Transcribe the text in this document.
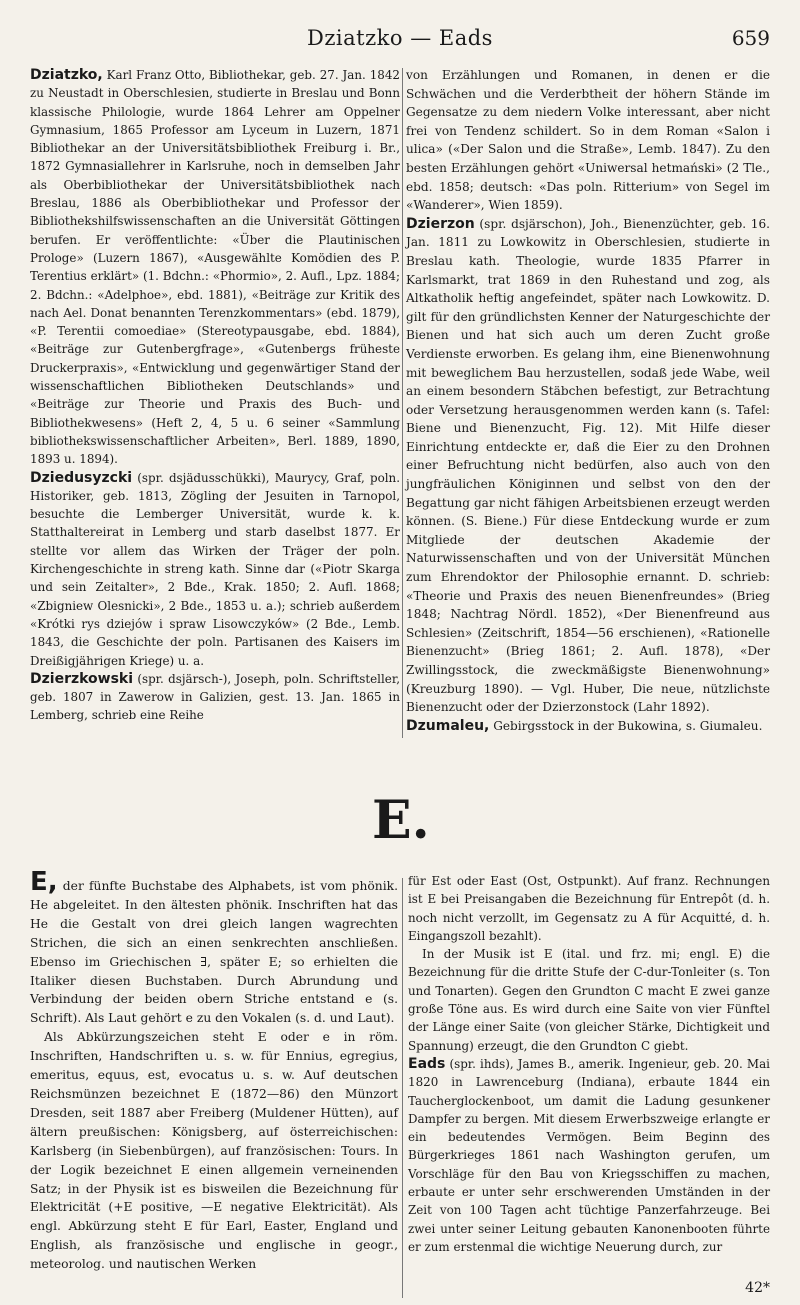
Dziatzko — Eads	659

Dziatzko, Karl Franz Otto, Bibliothekar, geb. 27. Jan. 1842 zu Neustadt in Oberschlesien, studierte in Breslau und Bonn klassische Philologie, wurde 1864 Lehrer am Oppelner Gymnasium, 1865 Professor am Lyceum in Luzern, 1871 Bibliothekar an der Universitätsbibliothek Freiburg i. Br., 1872 Gymnasiallehrer in Karlsruhe, noch in demselben Jahr als Oberbibliothekar der Universitätsbibliothek nach Breslau, 1886 als Oberbibliothekar und Professor der Bibliothekshilfswissenschaften an die Universität Göttingen berufen. Er veröffentlichte: «Über die Plautinischen Prologe» (Luzern 1867), «Ausgewählte Komödien des P. Terentius erklärt» (1. Bdchn.: «Phormio», 2. Aufl., Lpz. 1884; 2. Bdchn.: «Adelphoe», ebd. 1881), «Beiträge zur Kritik des nach Ael. Donat benannten Terenzkommentars» (ebd. 1879), «P. Terentii comoediae» (Stereotypausgabe, ebd. 1884), «Beiträge zur Gutenbergfrage», «Gutenbergs früheste Druckerpraxis», «Entwicklung und gegenwärtiger Stand der wissenschaftlichen Bibliotheken Deutschlands» und «Beiträge zur Theorie und Praxis des Buch- und Bibliothekwesens» (Heft 2, 4, 5 u. 6 seiner «Sammlung bibliothekswissenschaftlicher Arbeiten», Berl. 1889, 1890, 1893 u. 1894).

Dziedusyzcki (spr. dsjädusschükki), Maurycy, Graf, poln. Historiker, geb. 1813, Zögling der Jesuiten in Tarnopol, besuchte die Lemberger Universität, wurde k. k. Statthaltereirat in Lemberg und starb daselbst 1877. Er stellte vor allem das Wirken der Träger der poln. Kirchengeschichte in streng kath. Sinne dar («Piotr Skarga und sein Zeitalter», 2 Bde., Krak. 1850; 2. Aufl. 1868; «Zbigniew Olesnicki», 2 Bde., 1853 u. a.); schrieb außerdem «Krótki rys dziejów i spraw Lisowczyków» (2 Bde., Lemb. 1843, die Geschichte der poln. Partisanen des Kaisers im Dreißigjährigen Kriege) u. a.

Dzierzkowski (spr. dsjärsch-), Joseph, poln. Schriftsteller, geb. 1807 in Zawerow in Galizien, gest. 13. Jan. 1865 in Lemberg, schrieb eine Reihe

von Erzählungen und Romanen, in denen er die Schwächen und die Verderbtheit der höhern Stände im Gegensatze zu dem niedern Volke interessant, aber nicht frei von Tendenz schildert. So in dem Roman «Salon i ulica» («Der Salon und die Straße», Lemb. 1847). Zu den besten Erzählungen gehört «Uniwersal hetmański» (2 Tle., ebd. 1858; deutsch: «Das poln. Ritterium» von Segel im «Wanderer», Wien 1859).

Dzierzon (spr. dsjärschon), Joh., Bienenzüchter, geb. 16. Jan. 1811 zu Lowkowitz in Oberschlesien, studierte in Breslau kath. Theologie, wurde 1835 Pfarrer in Karlsmarkt, trat 1869 in den Ruhestand und zog, als Altkatholik heftig angefeindet, später nach Lowkowitz. D. gilt für den gründlichsten Kenner der Naturgeschichte der Bienen und hat sich auch um deren Zucht große Verdienste erworben. Es gelang ihm, eine Bienenwohnung mit beweglichem Bau herzustellen, sodaß jede Wabe, weil an einem besondern Stäbchen befestigt, zur Betrachtung oder Versetzung herausgenommen werden kann (s. Tafel: Biene und Bienenzucht, Fig. 12). Mit Hilfe dieser Einrichtung entdeckte er, daß die Eier zu den Drohnen einer Befruchtung nicht bedürfen, also auch von den jungfräulichen Königinnen und selbst von den der Begattung gar nicht fähigen Arbeitsbienen erzeugt werden können. (S. Biene.) Für diese Entdeckung wurde er zum Mitgliede der deutschen Akademie der Naturwissenschaften und von der Universität München zum Ehrendoktor der Philosophie ernannt. D. schrieb: «Theorie und Praxis des neuen Bienenfreundes» (Brieg 1848; Nachtrag Nördl. 1852), «Der Bienenfreund aus Schlesien» (Zeitschrift, 1854—56 erschienen), «Rationelle Bienenzucht» (Brieg 1861; 2. Aufl. 1878), «Der Zwillingsstock, die zweckmäßigste Bienenwohnung» (Kreuzburg 1890). — Vgl. Huber, Die neue, nützlichste Bienenzucht oder der Dzierzonstock (Lahr 1892).

Dzumaleu, Gebirgsstock in der Bukowina, s. Giumaleu.

E.

E, der fünfte Buchstabe des Alphabets, ist vom phönik. He abgeleitet. In den ältesten phönik. Inschriften hat das He die Gestalt von drei gleich langen wagrechten Strichen, die sich an einen senkrechten anschließen. Ebenso im Griechischen ∃, später E; so erhielten die Italiker diesen Buchstaben. Durch Abrundung und Verbindung der beiden obern Striche entstand e (s. Schrift). Als Laut gehört e zu den Vokalen (s. d. und Laut).

Als Abkürzungszeichen steht E oder e in röm. Inschriften, Handschriften u. s. w. für Ennius, egregius, emeritus, equus, est, evocatus u. s. w. Auf deutschen Reichsmünzen bezeichnet E (1872—86) den Münzort Dresden, seit 1887 aber Freiberg (Muldener Hütten), auf ältern preußischen: Königsberg, auf österreichischen: Karlsberg (in Siebenbürgen), auf französischen: Tours. In der Logik bezeichnet E einen allgemein verneinenden Satz; in der Physik ist es bisweilen die Bezeichnung für Elektricität (+E positive, —E negative Elektricität). Als engl. Abkürzung steht E für Earl, Easter, England und English, als französische und englische in geogr., meteorolog. und nautischen Werken

für Est oder East (Ost, Ostpunkt). Auf franz. Rechnungen ist E bei Preisangaben die Bezeichnung für Entrepôt (d. h. noch nicht verzollt, im Gegensatz zu A für Acquitté, d. h. Eingangszoll bezahlt).

In der Musik ist E (ital. und frz. mi; engl. E) die Bezeichnung für die dritte Stufe der C-dur-Tonleiter (s. Ton und Tonarten). Gegen den Grundton C macht E zwei ganze große Töne aus. Es wird durch eine Saite von vier Fünftel der Länge einer Saite (von gleicher Stärke, Dichtigkeit und Spannung) erzeugt, die den Grundton C giebt.

Eads (spr. ihds), James B., amerik. Ingenieur, geb. 20. Mai 1820 in Lawrenceburg (Indiana), erbaute 1844 ein Taucherglockenboot, um damit die Ladung gesunkener Dampfer zu bergen. Mit diesem Erwerbszweige erlangte er ein bedeutendes Vermögen. Beim Beginn des Bürgerkrieges 1861 nach Washington gerufen, um Vorschläge für den Bau von Kriegsschiffen zu machen, erbaute er unter sehr erschwerenden Umständen in der Zeit von 100 Tagen acht tüchtige Panzerfahrzeuge. Bei zwei unter seiner Leitung gebauten Kanonenbooten führte er zum erstenmal die wichtige Neuerung durch, zur

42*
